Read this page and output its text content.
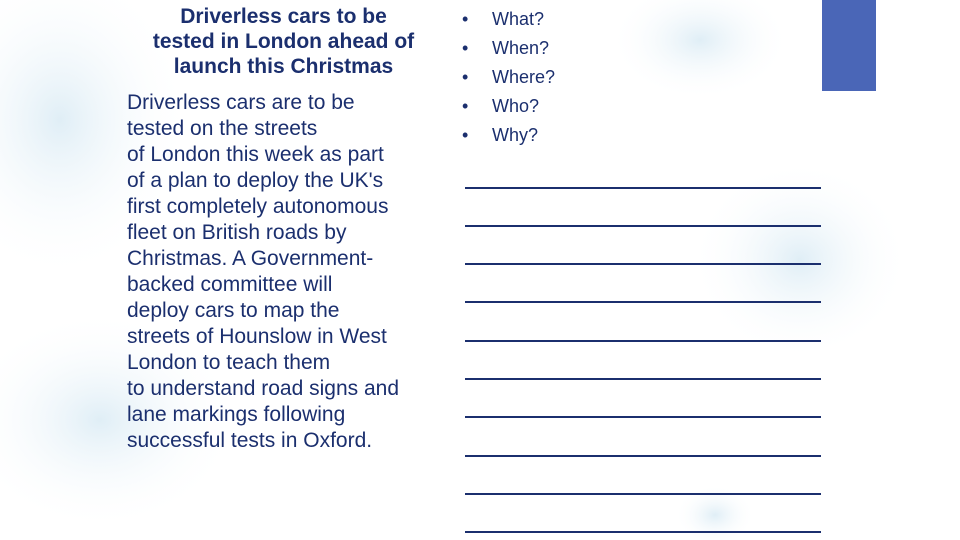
Driverless cars to be
tested in London ahead of
launch this Christmas

Driverless cars are to be
tested on the streets
of London this week as part
of a plan to deploy the UK's
first completely autonomous
fleet on British roads by
Christmas. A Government-
backed committee will
deploy cars to map the
streets of Hounslow in West
London to teach them
to understand road signs and
lane markings following
successful tests in Oxford.

• What?
• When?
• Where?
• Who?
• Why?
